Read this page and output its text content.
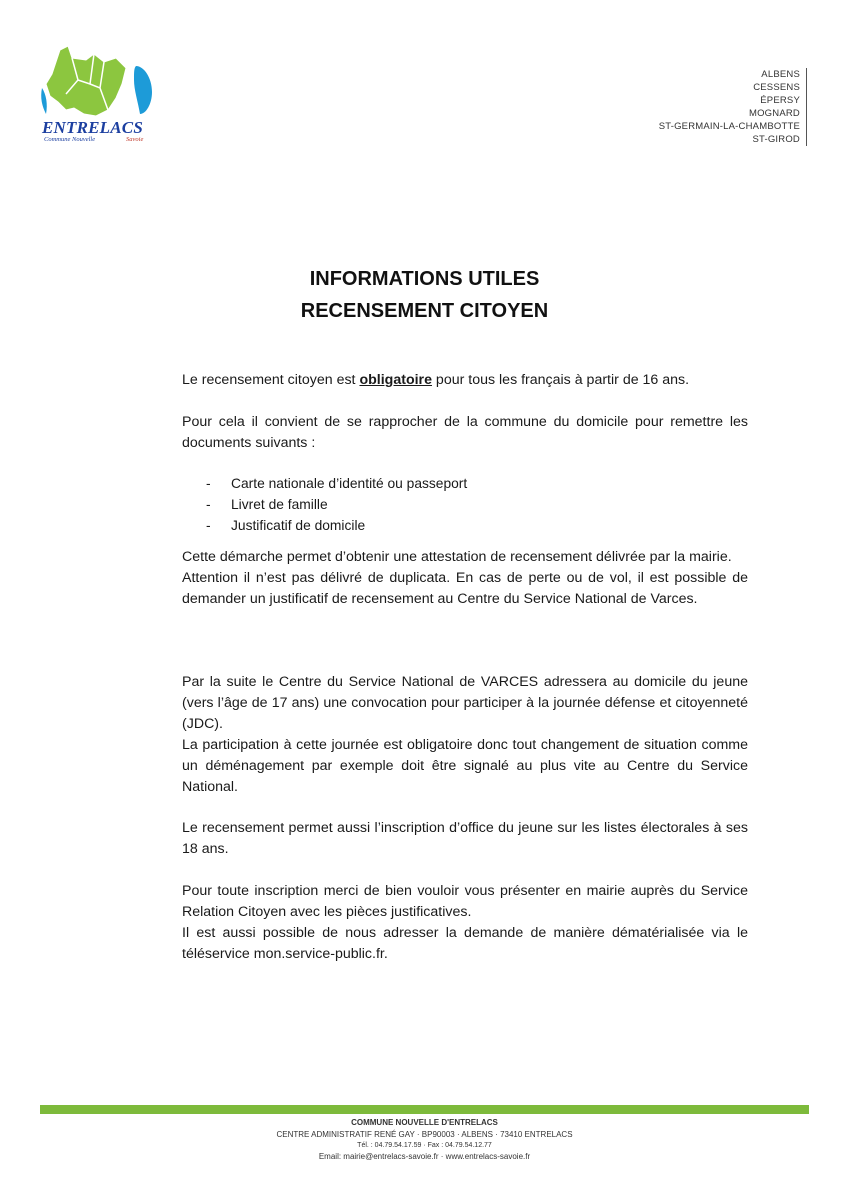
ENTRELACS
Commune Nouvelle	Savoie
ALBENS
CESSENS
ÉPERSY
MOGNARD
ST-GERMAIN-LA-CHAMBOTTE
ST-GIROD
INFORMATIONS UTILES
RECENSEMENT CITOYEN

Le recensement citoyen est obligatoire pour tous les français à partir de 16 ans.

Pour cela il convient de se rapprocher de la commune du domicile pour remettre les documents suivants :

- Carte nationale d’identité ou passeport
- Livret de famille
- Justificatif de domicile

Cette démarche permet d’obtenir une attestation de recensement délivrée par la mairie.

Attention il n’est pas délivré de duplicata. En cas de perte ou de vol, il est possible de demander un justificatif de recensement au Centre du Service National de Varces.

Par la suite le Centre du Service National de VARCES adressera au domicile du jeune (vers l’âge de 17 ans) une convocation pour participer à la journée défense et citoyenneté (JDC).

La participation à cette journée est obligatoire donc tout changement de situation comme un déménagement par exemple doit être signalé au plus vite au Centre du Service National.

Le recensement permet aussi l’inscription d’office du jeune sur les listes électorales à ses 18 ans.

Pour toute inscription merci de bien vouloir vous présenter en mairie auprès du Service Relation Citoyen avec les pièces justificatives.

Il est aussi possible de nous adresser la demande de manière dématérialisée via le téléservice mon.service-public.fr.

COMMUNE NOUVELLE D'ENTRELACS
CENTRE ADMINISTRATIF RENÉ GAY · BP90003 · ALBENS · 73410 ENTRELACS
Tél. : 04.79.54.17.59 · Fax : 04.79.54.12.77
Email: mairie@entrelacs-savoie.fr · www.entrelacs-savoie.fr
